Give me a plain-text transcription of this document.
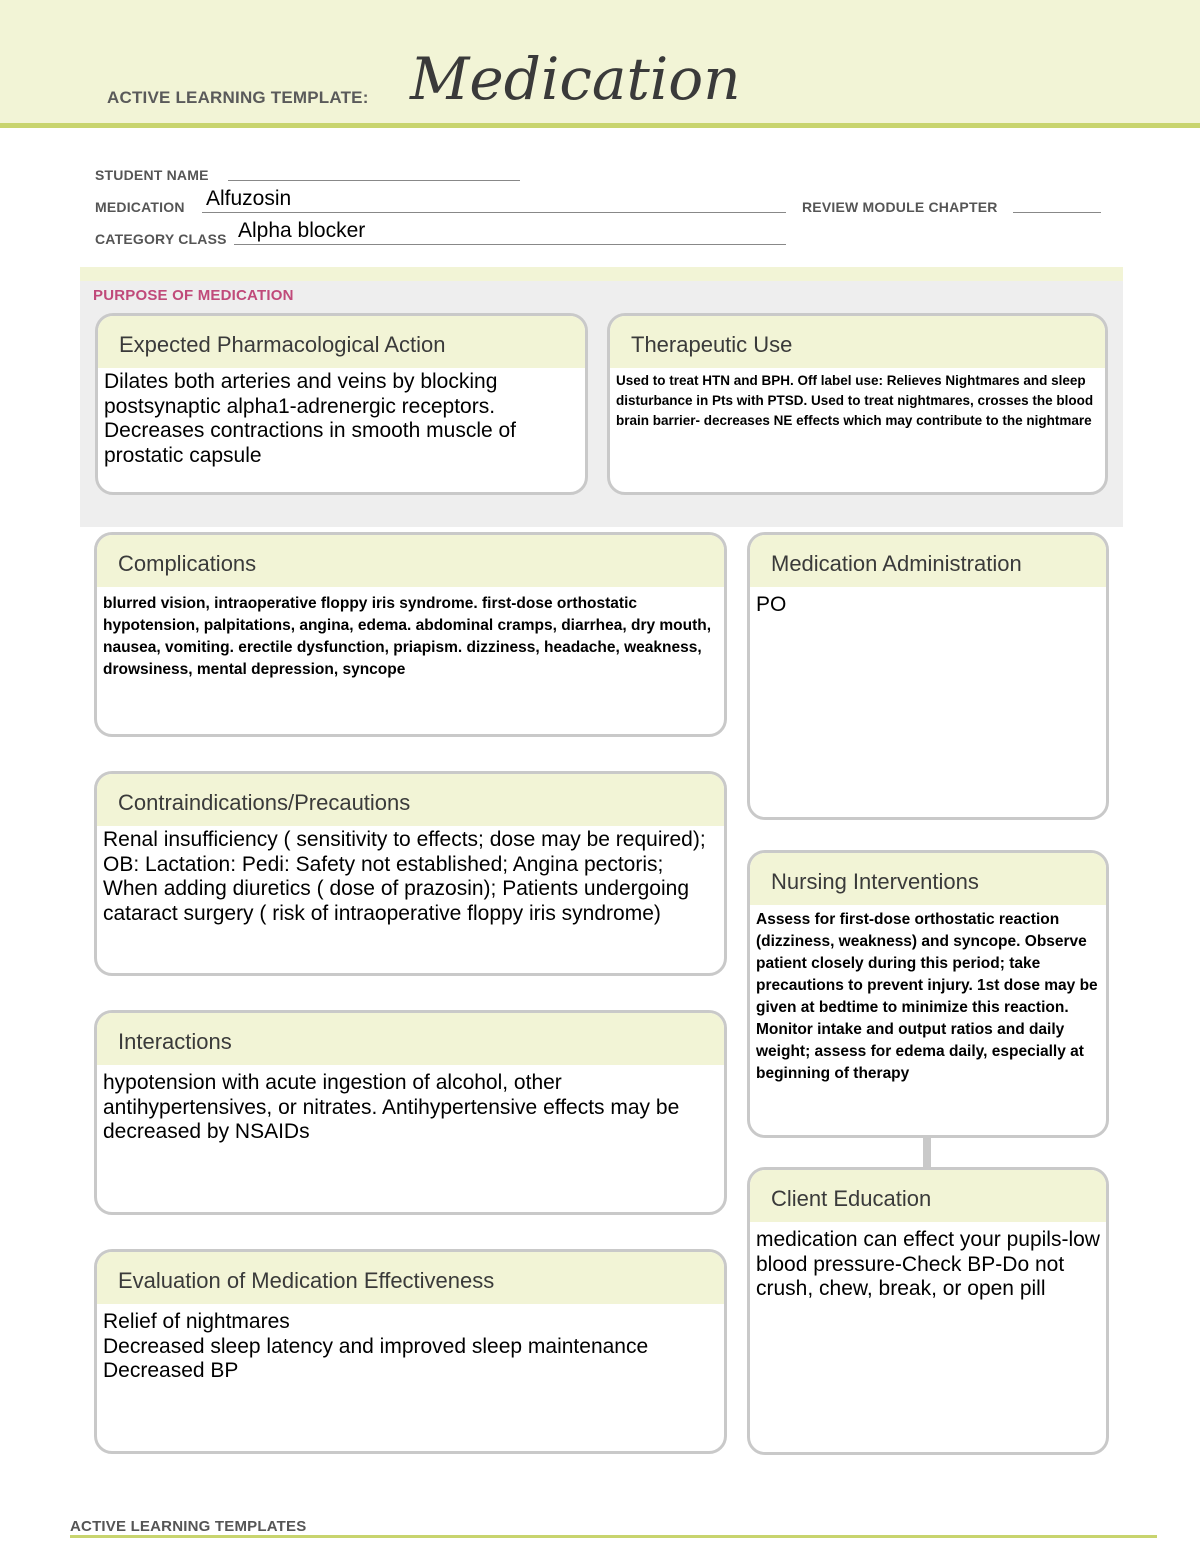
ACTIVE LEARNING TEMPLATE: Medication
STUDENT NAME
MEDICATION Alfuzosin	REVIEW MODULE CHAPTER
CATEGORY CLASS Alpha blocker
PURPOSE OF MEDICATION
Expected Pharmacological Action
Dilates both arteries and veins by blocking
postsynaptic alpha1-adrenergic receptors.
Decreases contractions in smooth muscle of
prostatic capsule
Therapeutic Use
Used to treat HTN and BPH. Off label use: Relieves Nightmares and sleep disturbance in Pts with PTSD. Used to treat nightmares, crosses the blood brain barrier- decreases NE effects which may contribute to the nightmare
Complications
blurred vision, intraoperative floppy iris syndrome. first-dose orthostatic hypotension, palpitations, angina, edema. abdominal cramps, diarrhea, dry mouth, nausea, vomiting. erectile dysfunction, priapism. dizziness, headache, weakness, drowsiness, mental depression, syncope
Contraindications/Precautions
Renal insufficiency ( sensitivity to effects; dose may be required); OB: Lactation: Pedi: Safety not established; Angina pectoris; When adding diuretics ( dose of prazosin); Patients undergoing cataract surgery ( risk of intraoperative floppy iris syndrome)
Interactions
hypotension with acute ingestion of alcohol, other antihypertensives, or nitrates. Antihypertensive effects may be decreased by NSAIDs
Evaluation of Medication Effectiveness
Relief of nightmares
Decreased sleep latency and improved sleep maintenance
Decreased BP
Medication Administration
PO
Nursing Interventions
Assess for first-dose orthostatic reaction (dizziness, weakness) and syncope. Observe patient closely during this period; take precautions to prevent injury. 1st dose may be given at bedtime to minimize this reaction. Monitor intake and output ratios and daily weight; assess for edema daily, especially at beginning of therapy
Client Education
medication can effect your pupils-low blood pressure-Check BP-Do not crush, chew, break, or open pill
ACTIVE LEARNING TEMPLATES
